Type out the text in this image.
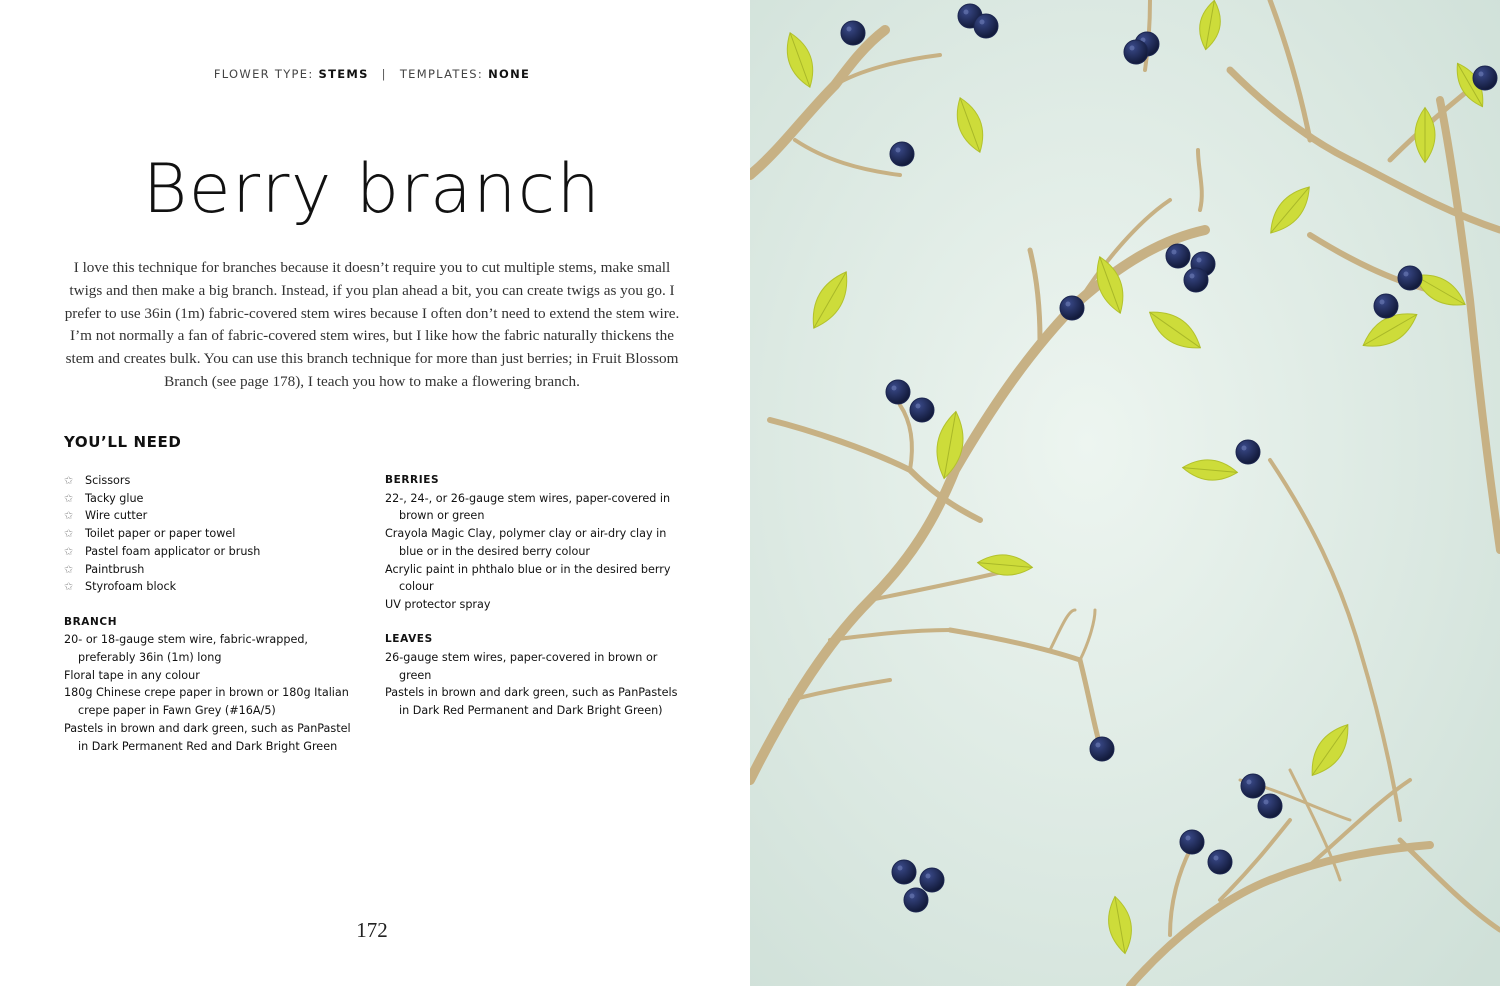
FLOWER TYPE: STEMS | TEMPLATES: NONE
Berry branch

I love this technique for branches because it doesn’t require you to cut multiple stems, make small twigs and then make a big branch. Instead, if you plan ahead a bit, you can create twigs as you go. I prefer to use 36in (1m) fabric-covered stem wires because I often don’t need to extend the stem wire. I’m not normally a fan of fabric-covered stem wires, but I like how the fabric naturally thickens the stem and creates bulk. You can use this branch technique for more than just berries; in Fruit Blossom Branch (see page 178), I teach you how to make a flowering branch.

YOU’LL NEED
✩ Scissors
✩ Tacky glue
✩ Wire cutter
✩ Toilet paper or paper towel
✩ Pastel foam applicator or brush
✩ Paintbrush
✩ Styrofoam block

BRANCH

20- or 18-gauge stem wire, fabric-wrapped, preferably 36in (1m) long
Floral tape in any colour
180g Chinese crepe paper in brown or 180g Italian crepe paper in Fawn Grey (#16A/5)
Pastels in brown and dark green, such as PanPastel in Dark Permanent Red and Dark Bright Green

BERRIES

22-, 24-, or 26-gauge stem wires, paper-covered in brown or green
Crayola Magic Clay, polymer clay or air-dry clay in blue or in the desired berry colour
Acrylic paint in phthalo blue or in the desired berry colour
UV protector spray

LEAVES

26-gauge stem wires, paper-covered in brown or green
Pastels in brown and dark green, such as PanPastels in Dark Red Permanent and Dark Bright Green)
172
